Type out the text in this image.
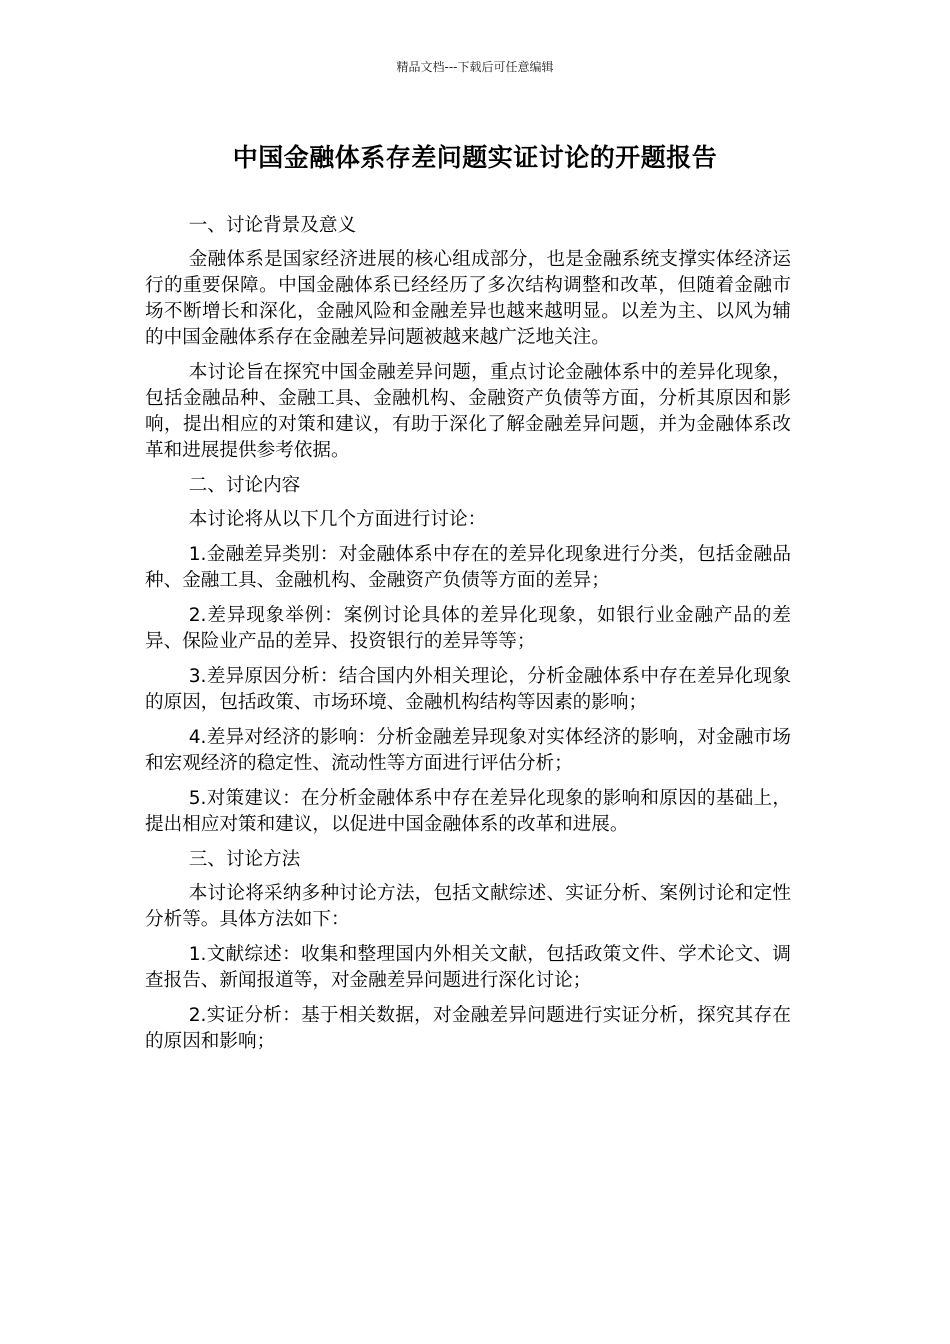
精品文档---下载后可任意编辑
中国金融体系存差问题实证讨论的开题报告

一、讨论背景及意义

金融体系是国家经济进展的核心组成部分，也是金融系统支撑实体经济运行的重要保障。中国金融体系已经经历了多次结构调整和改革，但随着金融市场不断增长和深化，金融风险和金融差异也越来越明显。以差为主、以风为辅的中国金融体系存在金融差异问题被越来越广泛地关注。

本讨论旨在探究中国金融差异问题，重点讨论金融体系中的差异化现象，包括金融品种、金融工具、金融机构、金融资产负债等方面，分析其原因和影响，提出相应的对策和建议，有助于深化了解金融差异问题，并为金融体系改革和进展提供参考依据。

二、讨论内容

本讨论将从以下几个方面进行讨论：

1.金融差异类别：对金融体系中存在的差异化现象进行分类，包括金融品种、金融工具、金融机构、金融资产负债等方面的差异；

2.差异现象举例：案例讨论具体的差异化现象，如银行业金融产品的差异、保险业产品的差异、投资银行的差异等等；

3.差异原因分析：结合国内外相关理论，分析金融体系中存在差异化现象的原因，包括政策、市场环境、金融机构结构等因素的影响；

4.差异对经济的影响：分析金融差异现象对实体经济的影响，对金融市场和宏观经济的稳定性、流动性等方面进行评估分析；

5.对策建议：在分析金融体系中存在差异化现象的影响和原因的基础上，提出相应对策和建议，以促进中国金融体系的改革和进展。

三、讨论方法

本讨论将采纳多种讨论方法，包括文献综述、实证分析、案例讨论和定性分析等。具体方法如下：

1.文献综述：收集和整理国内外相关文献，包括政策文件、学术论文、调查报告、新闻报道等，对金融差异问题进行深化讨论；

2.实证分析：基于相关数据，对金融差异问题进行实证分析，探究其存在的原因和影响；
